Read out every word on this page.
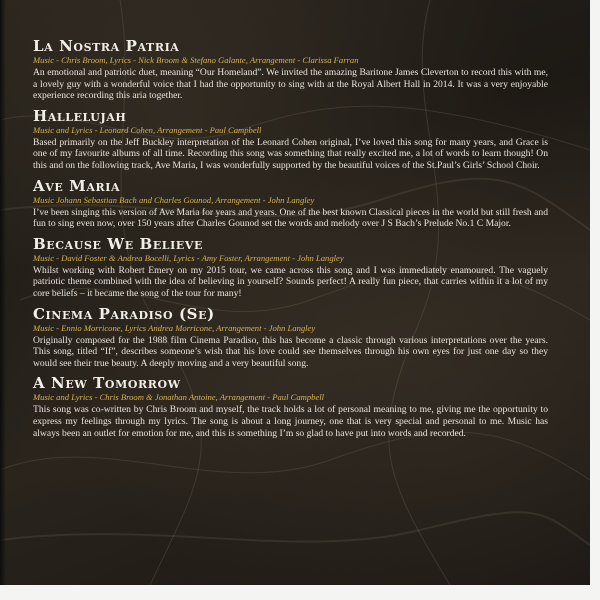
La Nostra Patria

Music - Chris Broom, Lyrics - Nick Broom & Stefano Galante, Arrangement - Clarissa Farran

An emotional and patriotic duet, meaning “Our Homeland”. We invited the amazing Baritone James Cleverton to record this with me, a lovely guy with a wonderful voice that I had the opportunity to sing with at the Royal Albert Hall in 2014. It was a very enjoyable experience recording this aria together.

Hallelujah

Music and Lyrics - Leonard Cohen, Arrangement - Paul Campbell

Based primarily on the Jeff Buckley interpretation of the Leonard Cohen original, I’ve loved this song for many years, and Grace is one of my favourite albums of all time. Recording this song was something that really excited me, a lot of words to learn though! On this and on the following track, Ave Maria, I was wonderfully supported by the beautiful voices of the St.Paul’s Girls’ School Choir.

Ave Maria

Music Johann Sebastian Bach and Charles Gounod, Arrangement - John Langley

I’ve been singing this version of Ave Maria for years and years. One of the best known Classical pieces in the world but still fresh and fun to sing even now, over 150 years after Charles Gounod set the words and melody over J S Bach’s Prelude No.1 C Major.

Because We Believe

Music - David Foster & Andrea Bocelli, Lyrics - Amy Foster, Arrangement - John Langley

Whilst working with Robert Emery on my 2015 tour, we came across this song and I was immediately enamoured. The vaguely patriotic theme combined with the idea of believing in yourself? Sounds perfect! A really fun piece, that carries within it a lot of my core beliefs – it became the song of the tour for many!

Cinema Paradiso (Se)

Music - Ennio Morricone, Lyrics Andrea Morricone, Arrangement - John Langley

Originally composed for the 1988 film Cinema Paradiso, this has become a classic through various interpretations over the years. This song, titled “If”, describes someone’s wish that his love could see themselves through his own eyes for just one day so they would see their true beauty. A deeply moving and a very beautiful song.

A New Tomorrow

Music and Lyrics - Chris Broom & Jonathan Antoine, Arrangement - Paul Campbell

This song was co-written by Chris Broom and myself, the track holds a lot of personal meaning to me, giving me the opportunity to express my feelings through my lyrics. The song is about a long journey, one that is very special and personal to me. Music has always been an outlet for emotion for me, and this is something I’m so glad to have put into words and recorded.
